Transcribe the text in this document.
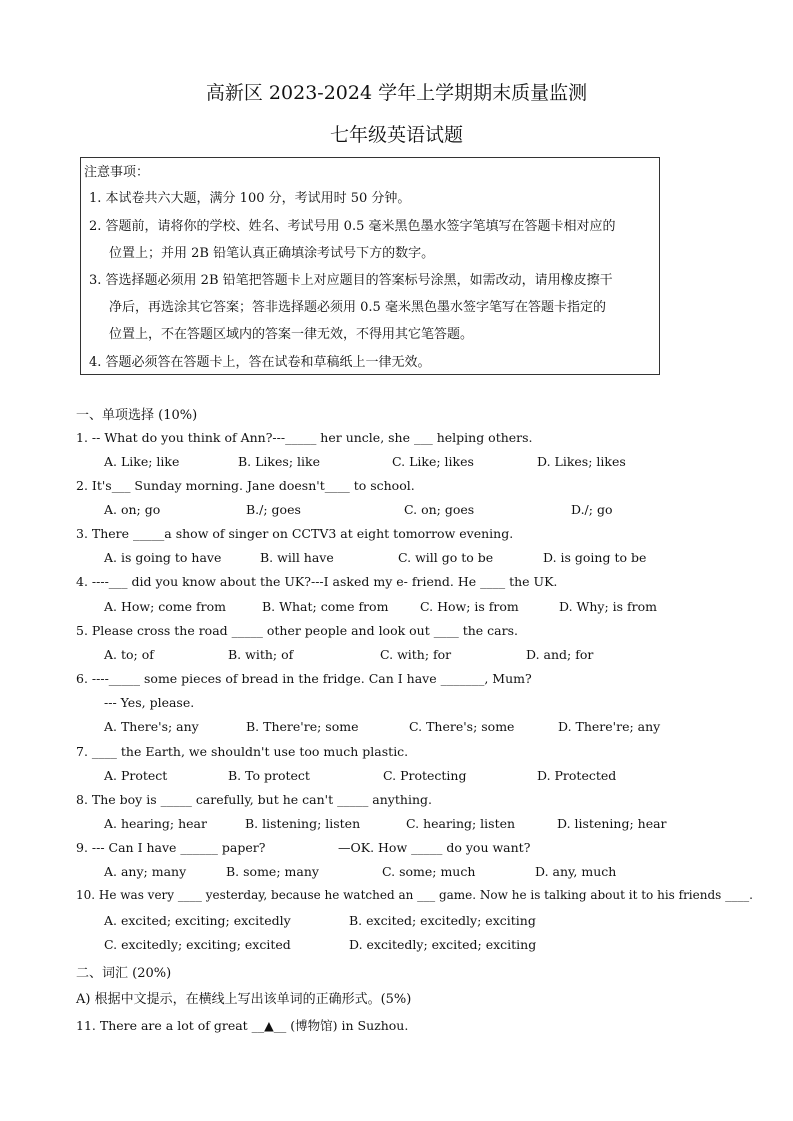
高新区 2023-2024 学年上学期期末质量监测
七年级英语试题
注意事项：
1. 本试卷共六大题，满分 100 分，考试用时 50 分钟。
2. 答题前，请将你的学校、姓名、考试号用 0.5 毫米黑色墨水签字笔填写在答题卡相对应的
位置上；并用 2B 铅笔认真正确填涂考试号下方的数字。
3. 答选择题必须用 2B 铅笔把答题卡上对应题目的答案标号涂黑，如需改动，请用橡皮擦干
净后，再选涂其它答案；答非选择题必须用 0.5 毫米黑色墨水签字笔写在答题卡指定的
位置上，不在答题区域内的答案一律无效，不得用其它笔答题。
4. 答题必须答在答题卡上，答在试卷和草稿纸上一律无效。
一、单项选择 (10%)
1. -- What do you think of Ann?---_____ her uncle, she ___ helping others.
A. Like; like	B. Likes; like	C. Like; likes	D. Likes; likes
2. It's___ Sunday morning. Jane doesn't____ to school.
A. on; go	B./; goes	C. on; goes	D./; go
3. There _____a show of singer on CCTV3 at eight tomorrow evening.
A. is going to have	B. will have	C. will go to be	D. is going to be
4. ----___ did you know about the UK?---I asked my e- friend. He ____ the UK.
A. How; come from	B. What; come from	C. How; is from	D. Why; is from
5. Please cross the road _____ other people and look out ____ the cars.
A. to; of	B. with; of	C. with; for	D. and; for
6. ----_____ some pieces of bread in the fridge. Can I have _______, Mum?
--- Yes, please.
A. There's; any	B. There're; some	C. There's; some	D. There're; any
7. ____ the Earth, we shouldn't use too much plastic.
A. Protect	B. To protect	C. Protecting	D. Protected
8. The boy is _____ carefully, but he can't _____ anything.
A. hearing; hear	B. listening; listen	C. hearing; listen	D. listening; hear
9. --- Can I have ______ paper?	—OK. How _____ do you want?
A. any; many	B. some; many	C. some; much	D. any, much
10. He was very ____ yesterday, because he watched an ___ game. Now he is talking about it to his friends ____.
A. excited; exciting; excitedly	B. excited; excitedly; exciting
C. excitedly; exciting; excited	D. excitedly; excited; exciting
二、词汇 (20%)
A) 根据中文提示，在横线上写出该单词的正确形式。(5%)
11. There are a lot of great __▲__ (博物馆) in Suzhou.
